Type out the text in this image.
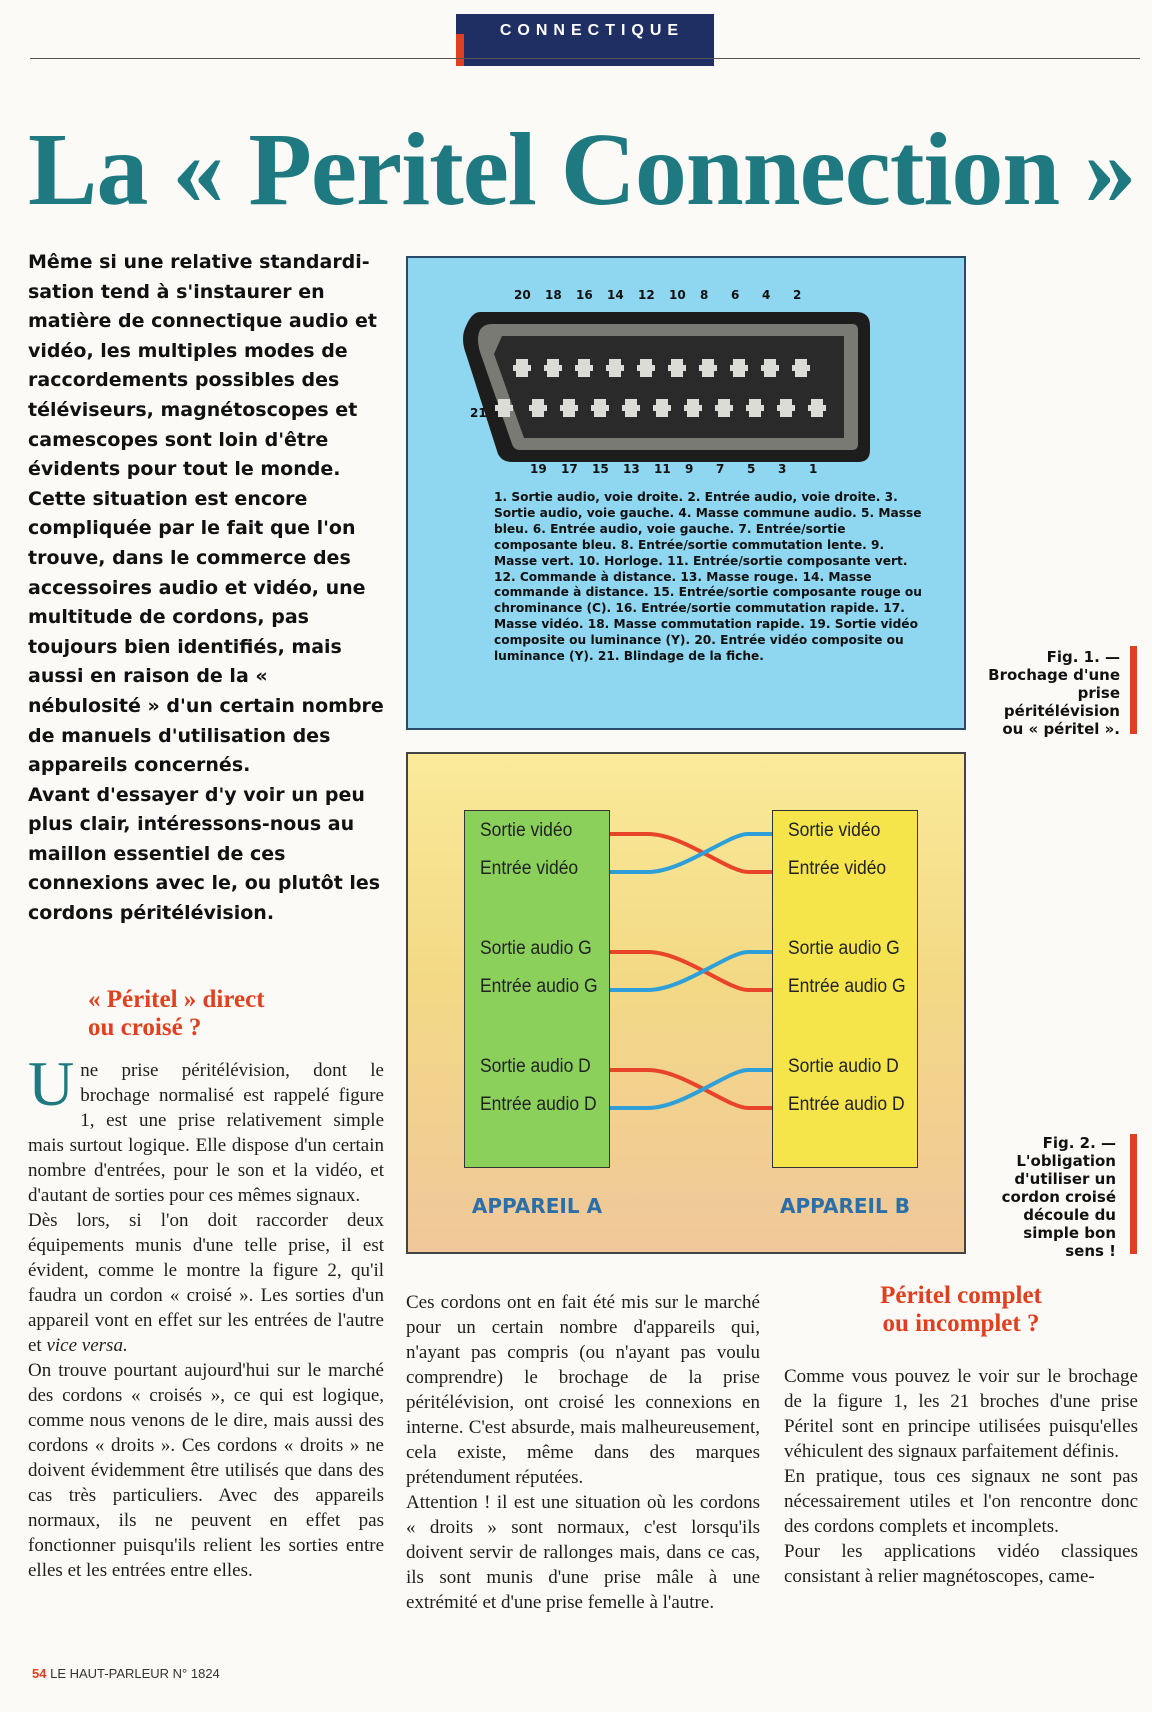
CONNECTIQUE
La « Peritel Connection »

Même si une relative standardi-sation tend à s'instaurer en matière de connectique audio et vidéo, les multiples modes de raccordements possibles des téléviseurs, magnétoscopes et camescopes sont loin d'être évidents pour tout le monde.

Cette situation est encore compliquée par le fait que l'on trouve, dans le commerce des accessoires audio et vidéo, une multitude de cordons, pas toujours bien identifiés, mais aussi en raison de la « nébulosité » d'un certain nombre de manuels d'utilisation des appareils concernés.

Avant d'essayer d'y voir un peu plus clair, intéressons-nous au maillon essentiel de ces connexions avec le, ou plutôt les cordons péritélévision.

20 18 16 14 12 10 8 6 4 2
21
19 17 15 13 11 9 7 5 3 1
1. Sortie audio, voie droite. 2. Entrée audio, voie droite. 3. Sortie audio, voie gauche. 4. Masse commune audio. 5. Masse bleu. 6. Entrée audio, voie gauche. 7. Entrée/sortie composante bleu. 8. Entrée/sortie commutation lente. 9. Masse vert. 10. Horloge. 11. Entrée/sortie composante vert. 12. Commande à distance. 13. Masse rouge. 14. Masse commande à distance. 15. Entrée/sortie composante rouge ou chrominance (C). 16. Entrée/sortie commutation rapide. 17. Masse vidéo. 18. Masse commutation rapide. 19. Sortie vidéo composite ou luminance (Y). 20. Entrée vidéo composite ou luminance (Y). 21. Blindage de la fiche.	Fig. 1. — Brochage d'une prise péritélévision ou « péritel ».
Sortie vidéo
Entrée vidéo
Sortie audio G
Entrée audio G
Sortie audio D
Entrée audio D
Sortie vidéo
Entrée vidéo
Sortie audio G
Entrée audio G
Sortie audio D
Entrée audio D
APPAREIL A	APPAREIL B
Fig. 2. — L'obligation d'utiliser un cordon croisé découle du simple bon sens !
« Péritel » direct
ou croisé ?

Une prise péritélévision, dont le brochage normalisé est rappelé figure 1, est une prise relativement simple mais surtout logique. Elle dispose d'un certain nombre d'entrées, pour le son et la vidéo, et d'autant de sorties pour ces mêmes signaux.

Dès lors, si l'on doit raccorder deux équipements munis d'une telle prise, il est évident, comme le montre la figure 2, qu'il faudra un cordon « croisé ». Les sorties d'un appareil vont en effet sur les entrées de l'autre et vice versa.

On trouve pourtant aujourd'hui sur le marché des cordons « croisés », ce qui est logique, comme nous venons de le dire, mais aussi des cordons « droits ». Ces cordons « droits » ne doivent évidemment être utilisés que dans des cas très particuliers. Avec des appareils normaux, ils ne peuvent en effet pas fonctionner puisqu'ils relient les sorties entre elles et les entrées entre elles.

Ces cordons ont en fait été mis sur le marché pour un certain nombre d'appareils qui, n'ayant pas compris (ou n'ayant pas voulu comprendre) le brochage de la prise péritélévision, ont croisé les connexions en interne. C'est absurde, mais malheureusement, cela existe, même dans des marques prétendument réputées.

Attention ! il est une situation où les cordons « droits » sont normaux, c'est lorsqu'ils doivent servir de rallonges mais, dans ce cas, ils sont munis d'une prise mâle à une extrémité et d'une prise femelle à l'autre.

Péritel complet
ou incomplet ?

Comme vous pouvez le voir sur le brochage de la figure 1, les 21 broches d'une prise Péritel sont en principe utilisées puisqu'elles véhiculent des signaux parfaitement définis.

En pratique, tous ces signaux ne sont pas nécessairement utiles et l'on rencontre donc des cordons complets et incomplets.

Pour les applications vidéo classiques consistant à relier magnétoscopes, came-

54 LE HAUT-PARLEUR N° 1824
